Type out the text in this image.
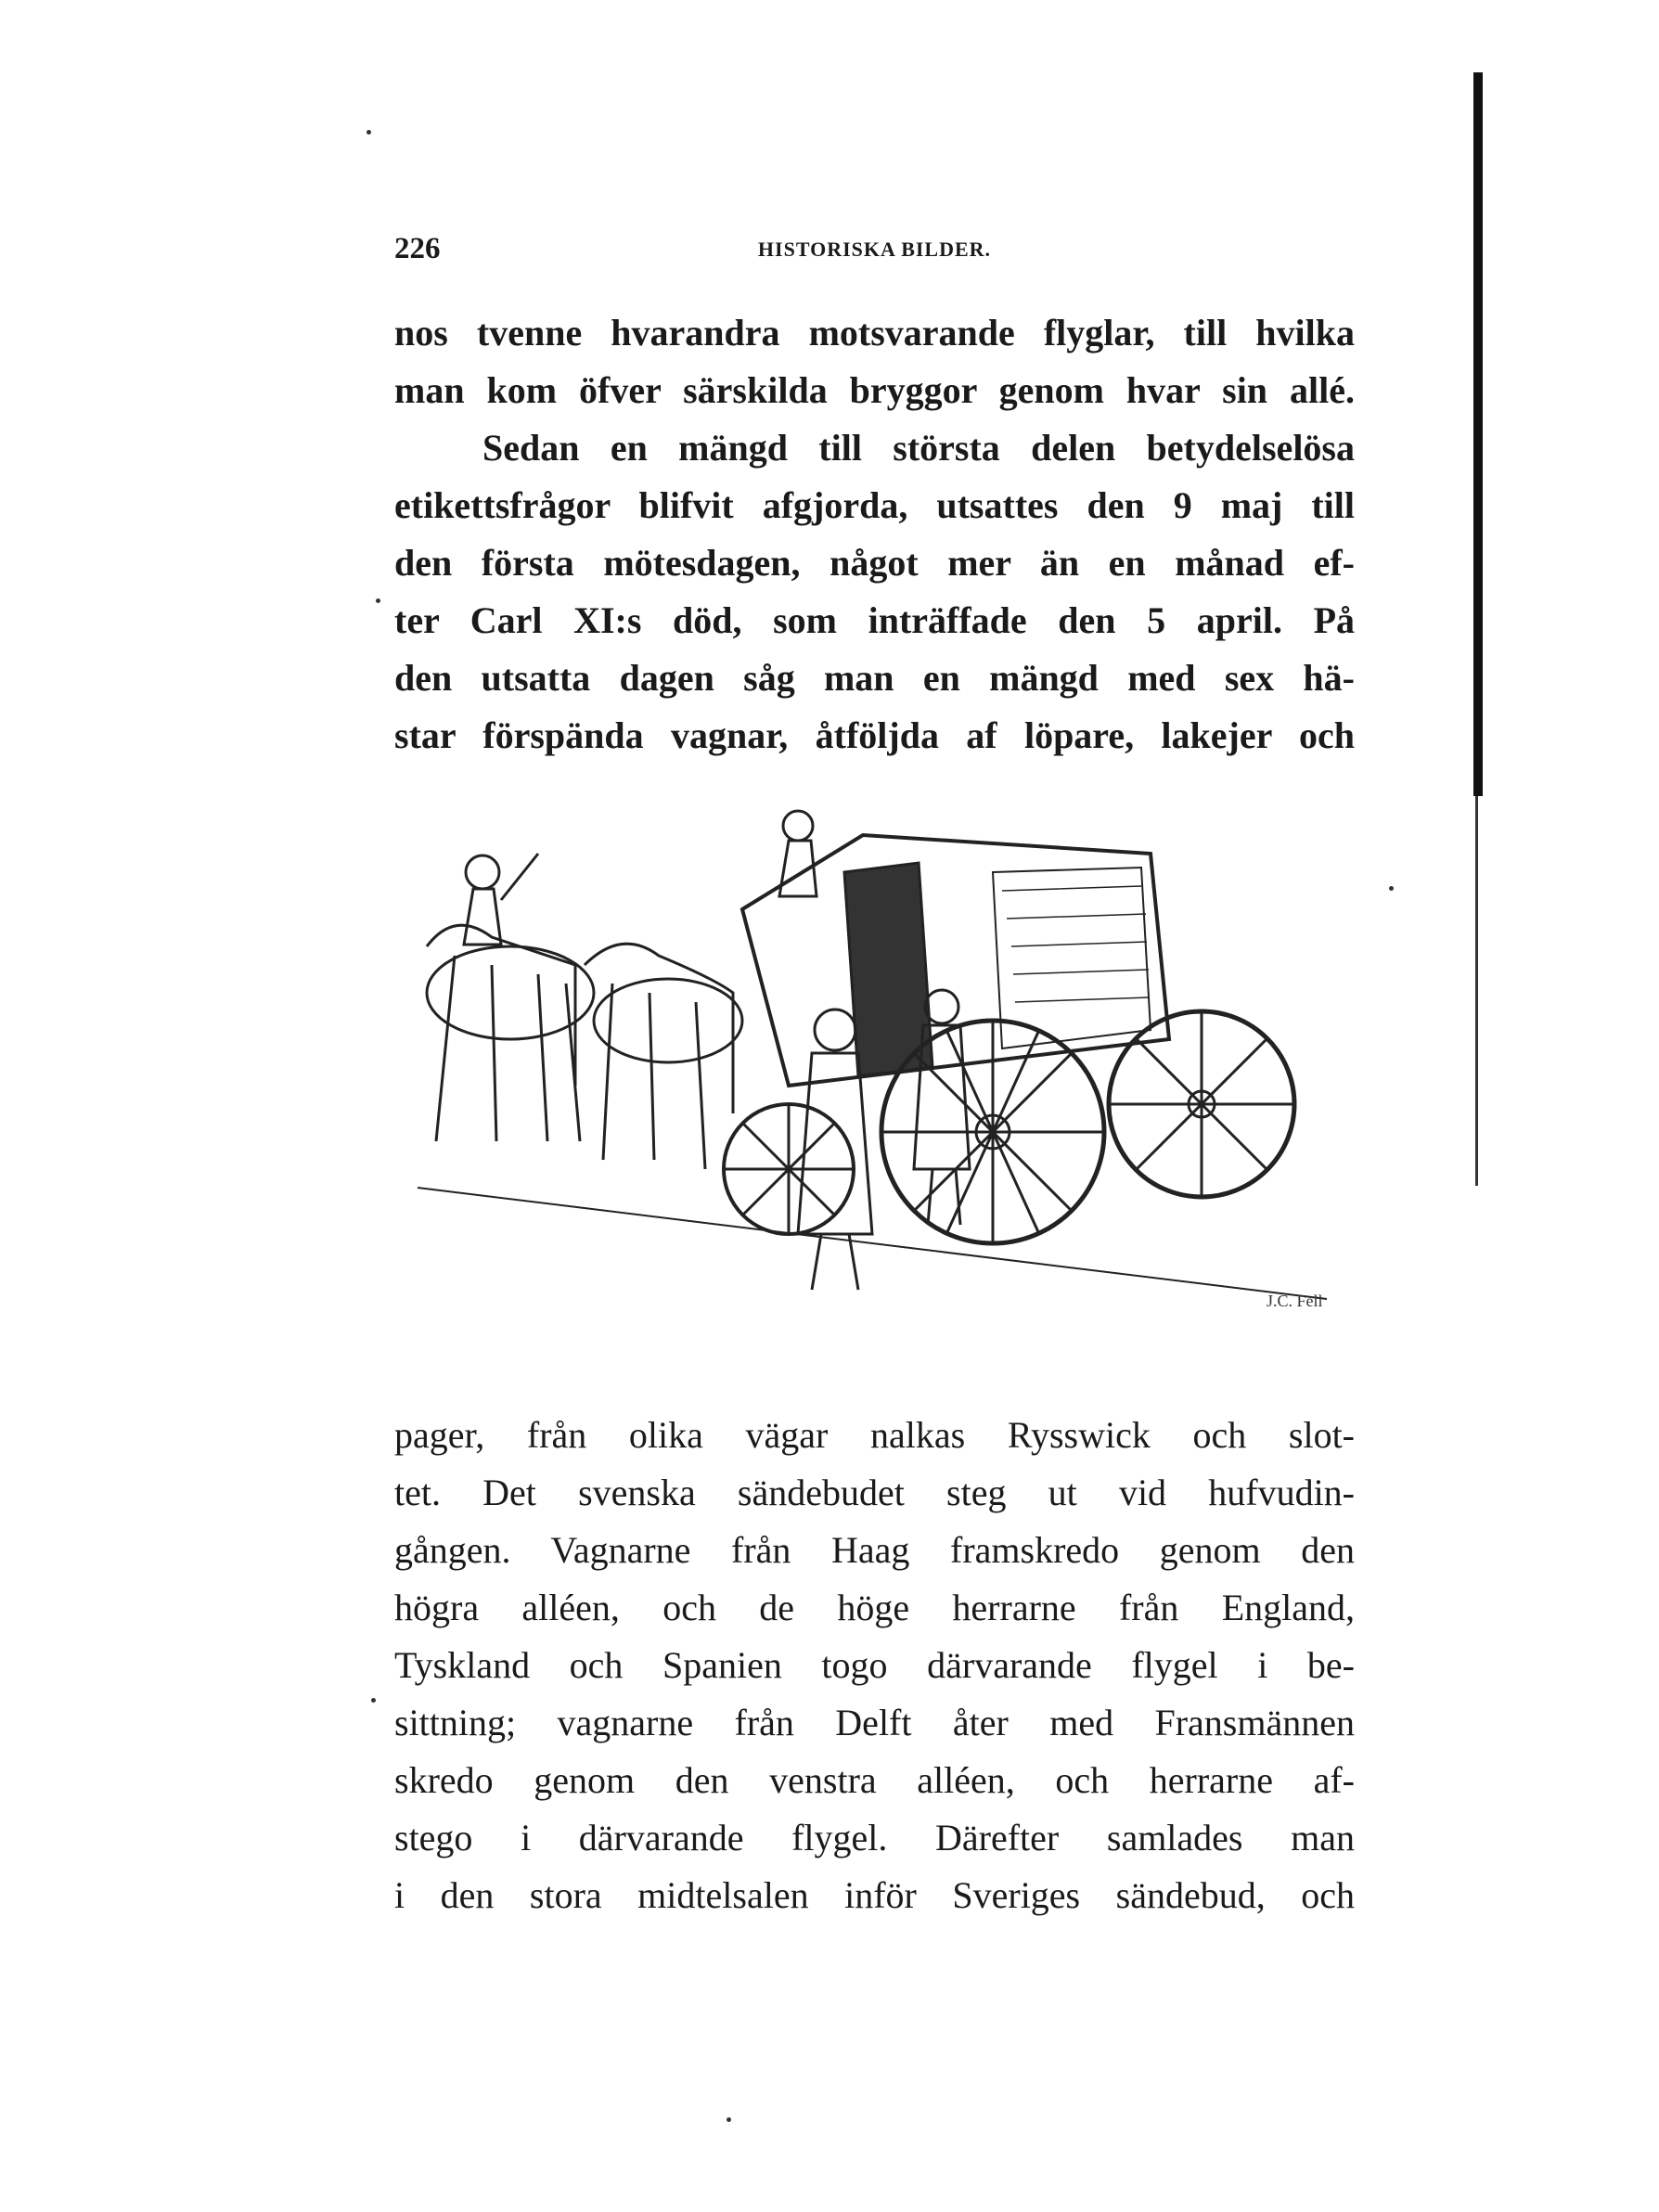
226	HISTORISKA BILDER.
nos tvenne hvarandra motsvarande flyglar, till hvilka
man kom öfver särskilda bryggor genom hvar sin allé.
Sedan en mängd till största delen betydelselösa
etikettsfrågor blifvit afgjorda, utsattes den 9 maj till
den första mötesdagen, något mer än en månad ef-
ter Carl XI:s död, som inträffade den 5 april. På
den utsatta dagen såg man en mängd med sex hä-
star förspända vagnar, åtföljda af löpare, lakejer och
J.C. Fell
pager, från olika vägar nalkas Rysswick och slot-
tet. Det svenska sändebudet steg ut vid hufvudin-
gången. Vagnarne från Haag framskredo genom den
högra alléen, och de höge herrarne från England,
Tyskland och Spanien togo därvarande flygel i be-
sittning; vagnarne från Delft åter med Fransmännen
skredo genom den venstra alléen, och herrarne af-
stego i därvarande flygel. Därefter samlades man
i den stora midtelsalen inför Sveriges sändebud, och
